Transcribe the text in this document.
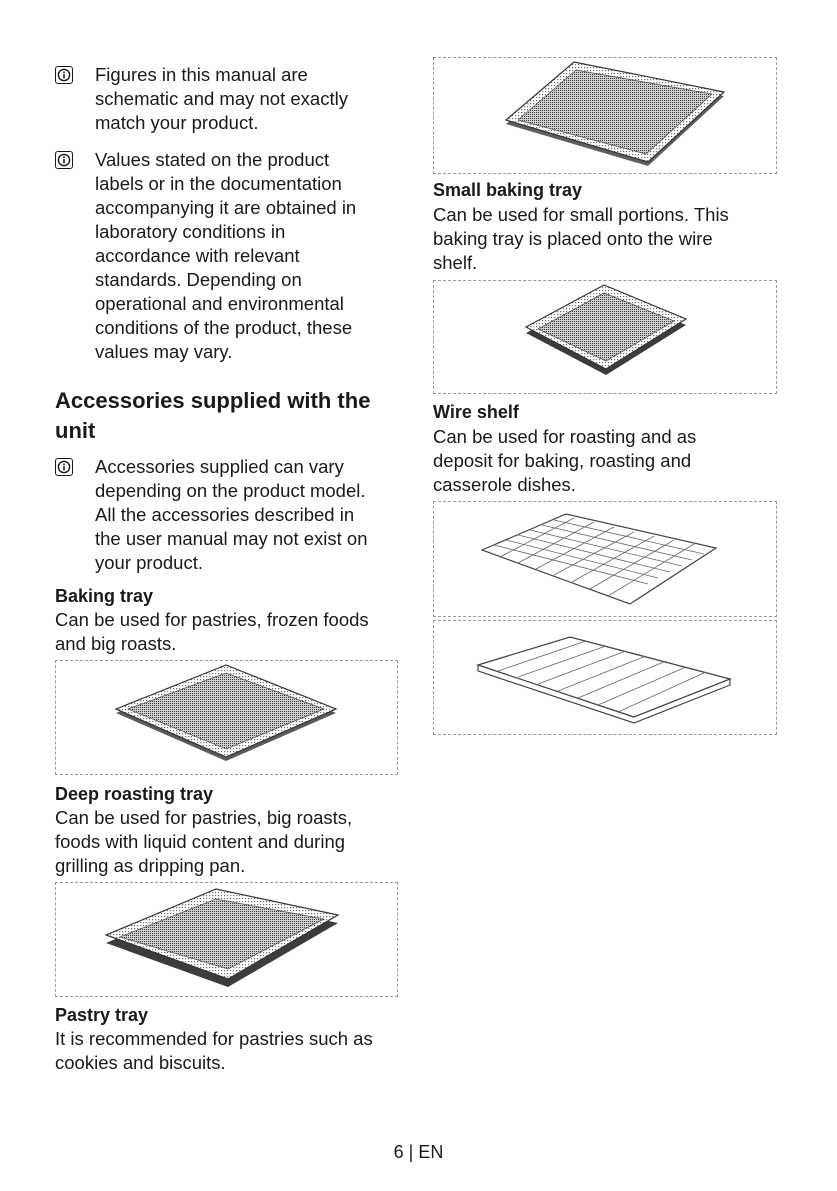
Figures in this manual are
schematic and may not exactly
match your product.
Values stated on the product
labels or in the documentation
accompanying it are obtained in
laboratory conditions in
accordance with relevant
standards. Depending on
operational and environmental
conditions of the product, these
values may vary.
Accessories supplied with the
unit
Accessories supplied can vary
depending on the product model.
All the accessories described in
the user manual may not exist on
your product.
Baking tray
Can be used for pastries, frozen foods
and big roasts.
Deep roasting tray
Can be used for pastries, big roasts,
foods with liquid content and during
grilling as dripping pan.
Pastry tray
It is recommended for pastries such as
cookies and biscuits.
Small baking tray
Can be used for small portions. This
baking tray is placed onto the wire
shelf.
Wire shelf
Can be used for roasting and as
deposit for baking, roasting and
casserole dishes.
6 | EN
